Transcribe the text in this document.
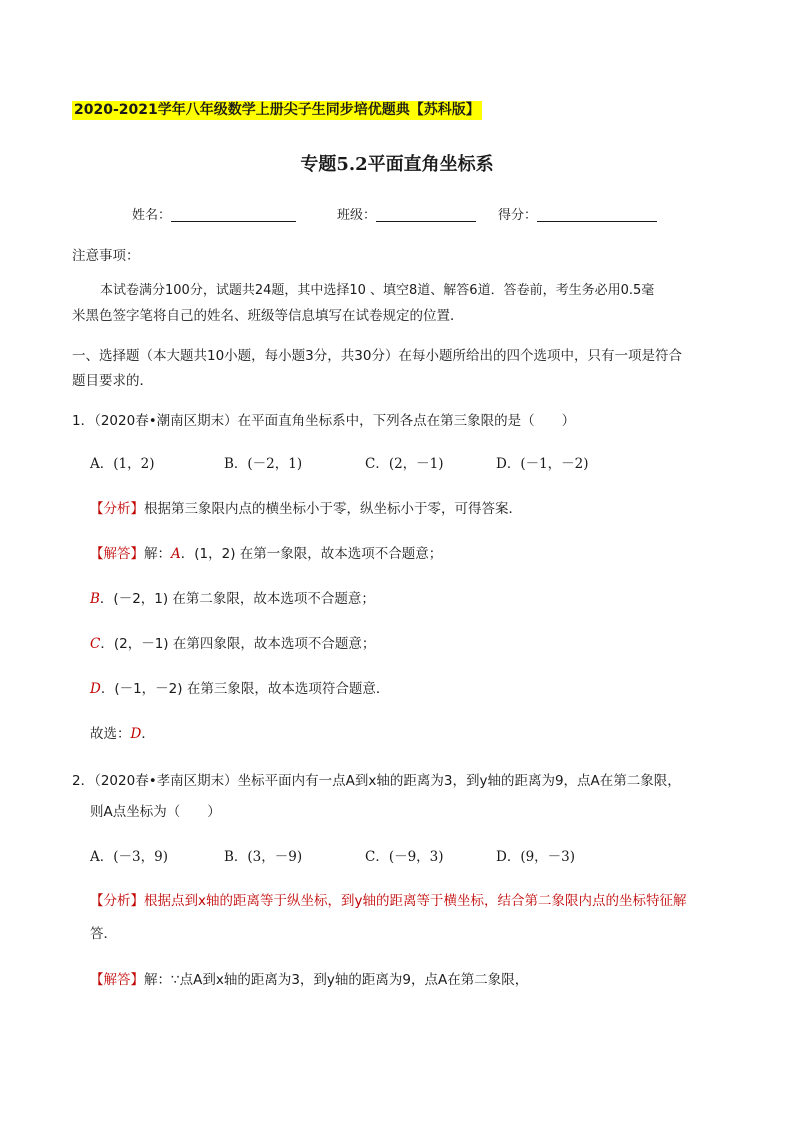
2020-2021学年八年级数学上册尖子生同步培优题典【苏科版】
专题5.2平面直角坐标系
姓名：	班级：	得分：
注意事项：
本试卷满分100分，试题共24题，其中选择10 、填空8道、解答6道．答卷前，考生务必用0.5毫
米黑色签字笔将自己的姓名、班级等信息填写在试卷规定的位置．
一、选择题（本大题共10小题，每小题3分，共30分）在每小题所给出的四个选项中，只有一项是符合
题目要求的．
1．（2020春•潮南区期末）在平面直角坐标系中，下列各点在第三象限的是（　　）
A．(1，2)	B．(－2，1)	C．(2，－1)	D．(－1，－2)
【分析】根据第三象限内点的横坐标小于零，纵坐标小于零，可得答案．
【解答】解：A．(1，2) 在第一象限，故本选项不合题意；
B．(－2，1) 在第二象限，故本选项不合题意；
C．(2，－1) 在第四象限，故本选项不合题意；
D．(－1，－2) 在第三象限，故本选项符合题意．
故选：D．
2．（2020春•孝南区期末）坐标平面内有一点A到x轴的距离为3，到y轴的距离为9，点A在第二象限，
则A点坐标为（　　）
A．(－3，9)	B．(3，－9)	C．(－9，3)	D．(9，－3)
【分析】根据点到x轴的距离等于纵坐标，到y轴的距离等于横坐标，结合第二象限内点的坐标特征解
答．
【解答】解：∵点A到x轴的距离为3，到y轴的距离为9，点A在第二象限，
